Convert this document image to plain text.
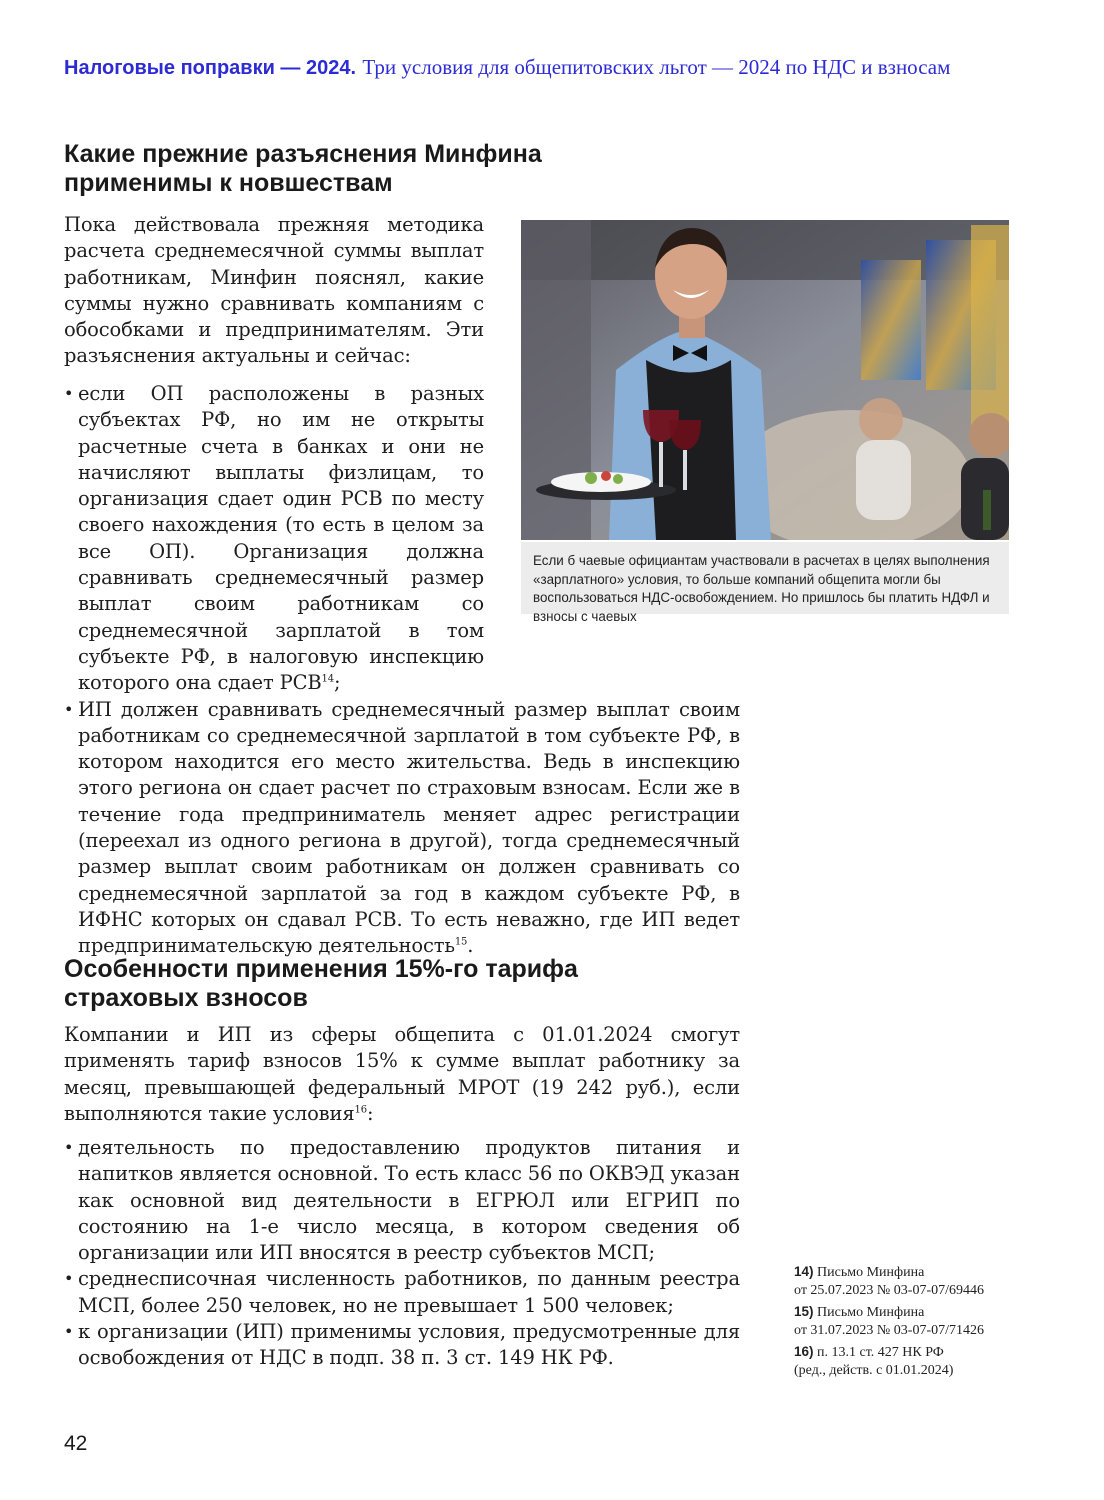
Налоговые поправки — 2024. Три условия для общепитовских льгот — 2024 по НДС и взносам
Какие прежние разъяснения Минфина
применимы к новшествам

Пока действовала прежняя методика расчета среднемесячной суммы выплат работникам, Минфин пояснял, какие суммы нужно сравнивать компаниям с обособками и предпринимателям. Эти разъяснения актуальны и сейчас:

• если ОП расположены в разных субъектах РФ, но им не открыты расчетные счета в банках и они не начисляют выплаты физлицам, то организация сдает один РСВ по месту своего нахождения (то есть в целом за все ОП). Организация должна сравнивать среднемесячный размер выплат своим работникам со среднемесячной зарплатой в том субъекте РФ, в налоговую инспекцию которого она сдает РСВ$^{14}$;
• ИП должен сравнивать среднемесячный размер выплат своим работникам со среднемесячной зарплатой в том субъекте РФ, в котором находится его место жительства. Ведь в инспекцию этого региона он сдает расчет по страховым взносам. Если же в течение года предприниматель меняет адрес регистрации (переехал из одного региона в другой), тогда среднемесячный размер выплат своим работникам он должен сравнивать со среднемесячной зарплатой за год в каждом субъекте РФ, в ИФНС которых он сдавал РСВ. То есть неважно, где ИП ведет предпринимательскую деятельность$^{15}$.
Если б чаевые официантам участвовали в расчетах в целях выполнения «зарплатного» условия, то больше компаний общепита могли бы воспользоваться НДС-освобождением. Но пришлось бы платить НДФЛ и взносы с чаевых
Особенности применения 15%-го тарифа
страховых взносов

Компании и ИП из сферы общепита с 01.01.2024 смогут применять тариф взносов 15% к сумме выплат работнику за месяц, превышающей федеральный МРОТ (19 242 руб.), если выполняются такие условия$^{16}$:

• деятельность по предоставлению продуктов питания и напитков является основной. То есть класс 56 по ОКВЭД указан как основной вид деятельности в ЕГРЮЛ или ЕГРИП по состоянию на 1-е число месяца, в котором сведения об организации или ИП вносятся в реестр субъектов МСП;
• среднесписочная численность работников, по данным реестра МСП, более 250 человек, но не превышает 1 500 человек;
• к организации (ИП) применимы условия, предусмотренные для освобождения от НДС в подп. 38 п. 3 ст. 149 НК РФ.
14) Письмо Минфина
от 25.07.2023 № 03-07-07/69446
15) Письмо Минфина
от 31.07.2023 № 03-07-07/71426
16) п. 13.1 ст. 427 НК РФ
(ред., действ. с 01.01.2024)
42
